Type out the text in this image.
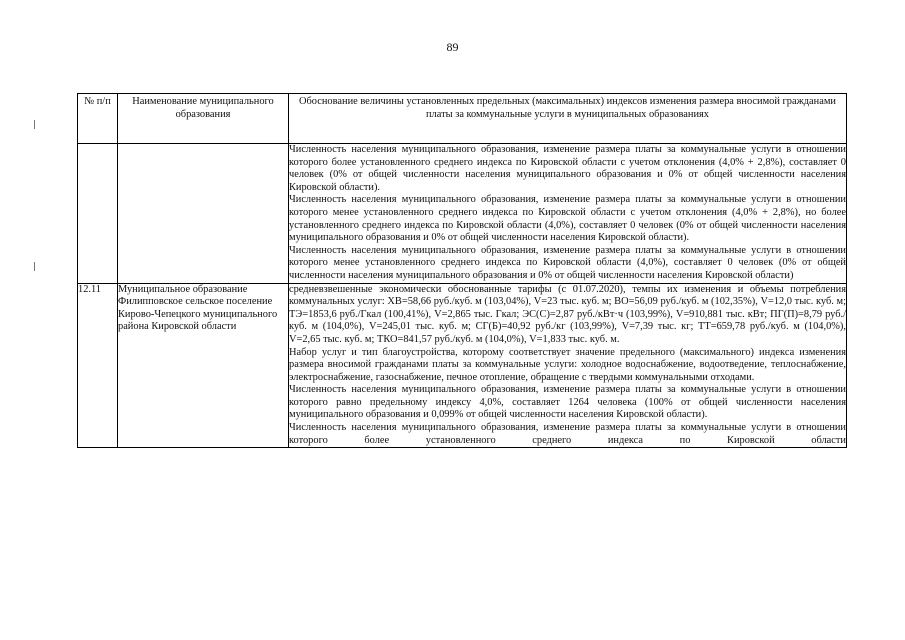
89
№ п/п	Наименование муниципального образования	Обоснование величины установленных предельных (максимальных) индексов изменения размера вносимой гражданами платы за коммунальные услуги в муниципальных образованиях

		Численность населения муниципального образования, изменение размера платы за коммунальные услуги в отношении которого более установленного среднего индекса по Кировской области с учетом отклонения (4,0% + 2,8%), составляет 0 человек (0% от общей численности населения муниципального образования и 0% от общей численности населения Кировской области).
Численность населения муниципального образования, изменение размера платы за коммунальные услуги в отношении которого менее установленного среднего индекса по Кировской области с учетом отклонения (4,0% + 2,8%), но более установленного среднего индекса по Кировской области (4,0%), составляет 0 человек (0% от общей численности населения муниципального образования и 0% от общей численности населения Кировской области).
Численность населения муниципального образования, изменение размера платы за коммунальные услуги в отношении которого менее установленного среднего индекса по Кировской области (4,0%), составляет 0 человек (0% от общей численности населения муниципального образования и 0% от общей численности населения Кировской области)

12.11	Муниципальное образование Филипповское сельское поселение Кирово-Чепецкого муниципального района Кировской области	средневзвешенные экономически обоснованные тарифы (с 01.07.2020), темпы их изменения и объемы потребления коммунальных услуг: ХВ=58,66 руб./куб. м (103,04%), V=23 тыс. куб. м; ВО=56,09 руб./куб. м (102,35%), V=12,0 тыс. куб. м; ТЭ=1853,6 руб./Гкал (100,41%), V=2,865 тыс. Гкал; ЭС(С)=2,87 руб./кВт·ч (103,99%), V=910,881 тыс. кВт; ПГ(П)=8,79 руб./куб. м (104,0%), V=245,01 тыс. куб. м; СГ(Б)=40,92 руб./кг (103,99%), V=7,39 тыс. кг; ТТ=659,78 руб./куб. м (104,0%), V=2,65 тыс. куб. м; ТКО=841,57 руб./куб. м (104,0%), V=1,833 тыс. куб. м.
Набор услуг и тип благоустройства, которому соответствует значение предельного (максимального) индекса изменения размера вносимой гражданами платы за коммунальные услуги: холодное водоснабжение, водоотведение, теплоснабжение, электроснабжение, газоснабжение, печное отопление, обращение с твердыми коммунальными отходами.
Численность населения муниципального образования, изменение размера платы за коммунальные услуги в отношении которого равно предельному индексу 4,0%, составляет 1264 человека (100% от общей численности населения муниципального образования и 0,099% от общей численности населения Кировской области).
Численность населения муниципального образования, изменение размера платы за коммунальные услуги в отношении которого более установленного среднего индекса по Кировской области
